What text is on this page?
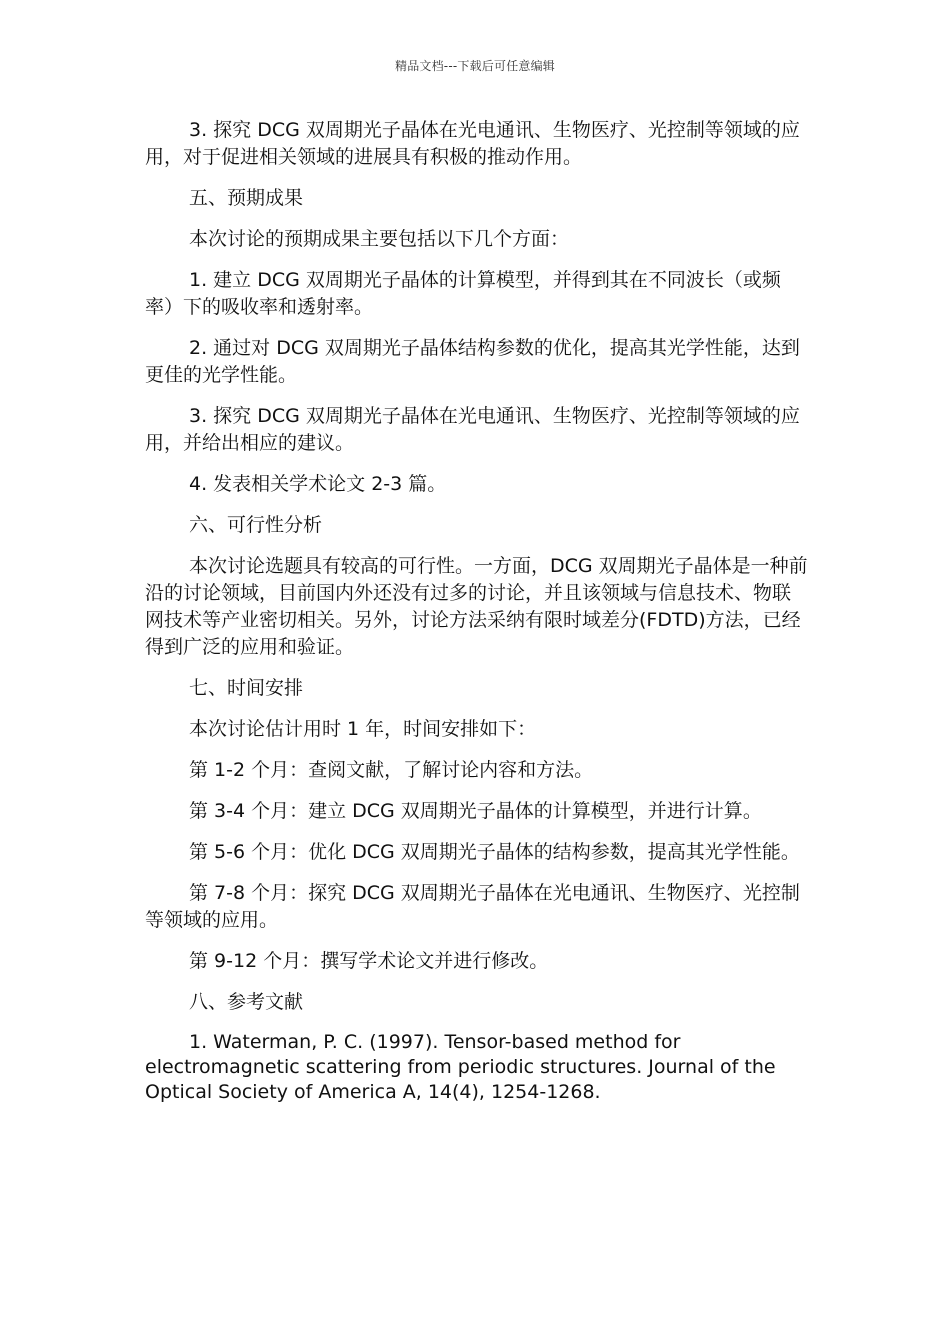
精品文档---下载后可任意编辑

3. 探究 DCG 双周期光子晶体在光电通讯、生物医疗、光控制等领域的应用，对于促进相关领域的进展具有积极的推动作用。

五、预期成果

本次讨论的预期成果主要包括以下几个方面：

1. 建立 DCG 双周期光子晶体的计算模型，并得到其在不同波长（或频率）下的吸收率和透射率。

2. 通过对 DCG 双周期光子晶体结构参数的优化，提高其光学性能，达到更佳的光学性能。

3. 探究 DCG 双周期光子晶体在光电通讯、生物医疗、光控制等领域的应用，并给出相应的建议。

4. 发表相关学术论文 2-3 篇。

六、可行性分析

本次讨论选题具有较高的可行性。一方面，DCG 双周期光子晶体是一种前沿的讨论领域，目前国内外还没有过多的讨论，并且该领域与信息技术、物联网技术等产业密切相关。另外，讨论方法采纳有限时域差分(FDTD)方法，已经得到广泛的应用和验证。

七、时间安排

本次讨论估计用时 1 年，时间安排如下：

第 1-2 个月：查阅文献，了解讨论内容和方法。

第 3-4 个月：建立 DCG 双周期光子晶体的计算模型，并进行计算。

第 5-6 个月：优化 DCG 双周期光子晶体的结构参数，提高其光学性能。

第 7-8 个月：探究 DCG 双周期光子晶体在光电通讯、生物医疗、光控制等领域的应用。

第 9-12 个月：撰写学术论文并进行修改。

八、参考文献

1. Waterman, P. C. (1997). Tensor-based method for electromagnetic scattering from periodic structures. Journal of the Optical Society of America A, 14(4), 1254-1268.
